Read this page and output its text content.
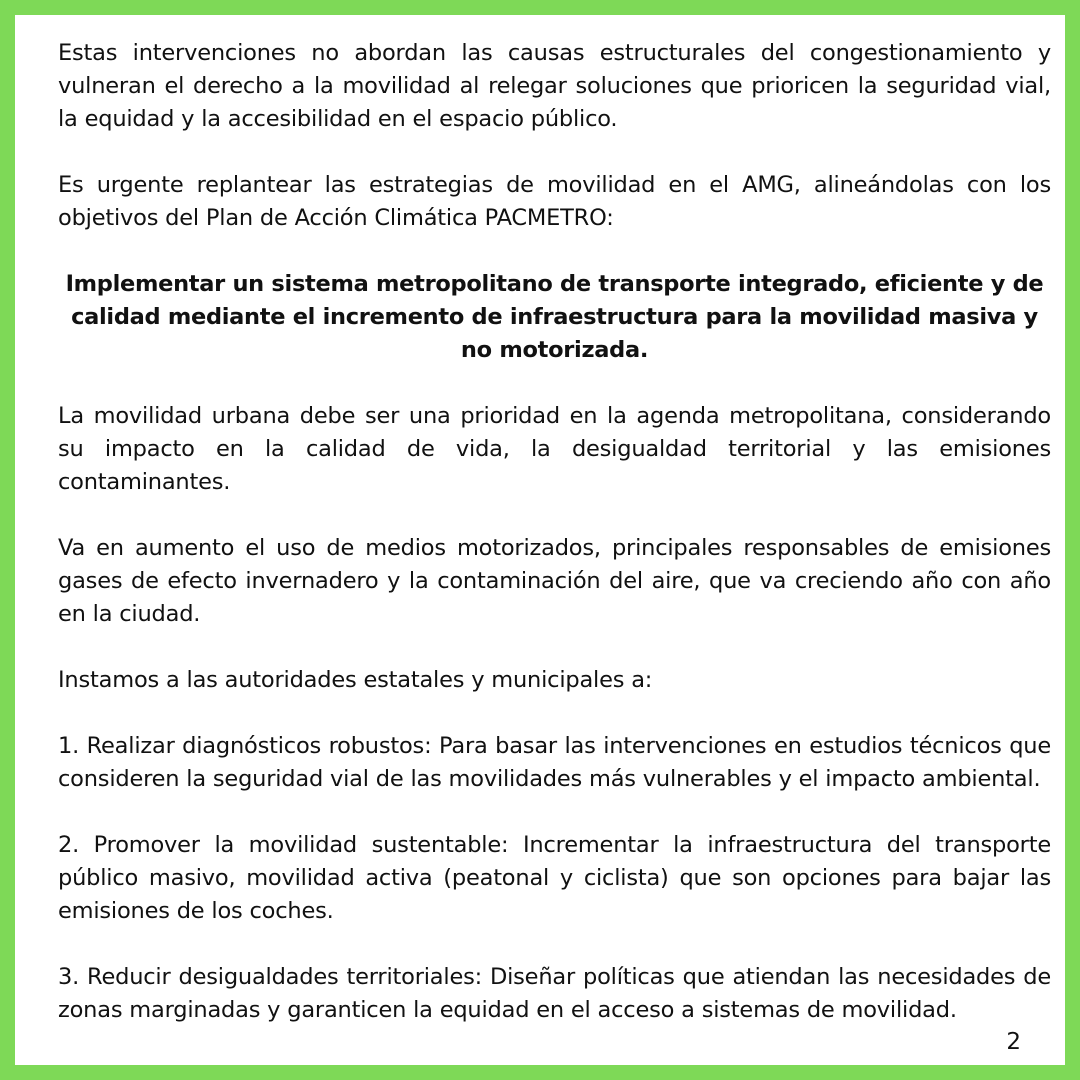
Estas intervenciones no abordan las causas estructurales del congestionamiento y vulneran el derecho a la movilidad al relegar soluciones que prioricen la seguridad vial, la equidad y la accesibilidad en el espacio público.

Es urgente replantear las estrategias de movilidad en el AMG, alineándolas con los objetivos del Plan de Acción Climática PACMETRO:

Implementar un sistema metropolitano de transporte integrado, eficiente y de calidad mediante el incremento de infraestructura para la movilidad masiva y no motorizada.

La movilidad urbana debe ser una prioridad en la agenda metropolitana, considerando su impacto en la calidad de vida, la desigualdad territorial y las emisiones contaminantes.

Va en aumento el uso de medios motorizados, principales responsables de emisiones gases de efecto invernadero y la contaminación del aire, que va creciendo año con año en la ciudad.

Instamos a las autoridades estatales y municipales a:

1. Realizar diagnósticos robustos: Para basar las intervenciones en estudios técnicos que consideren la seguridad vial de las movilidades más vulnerables y el impacto ambiental.

2. Promover la movilidad sustentable: Incrementar la infraestructura del transporte público masivo, movilidad activa (peatonal y ciclista) que son opciones para bajar las emisiones de los coches.

3. Reducir desigualdades territoriales: Diseñar políticas que atiendan las necesidades de zonas marginadas y garanticen la equidad en el acceso a sistemas de movilidad.

2
